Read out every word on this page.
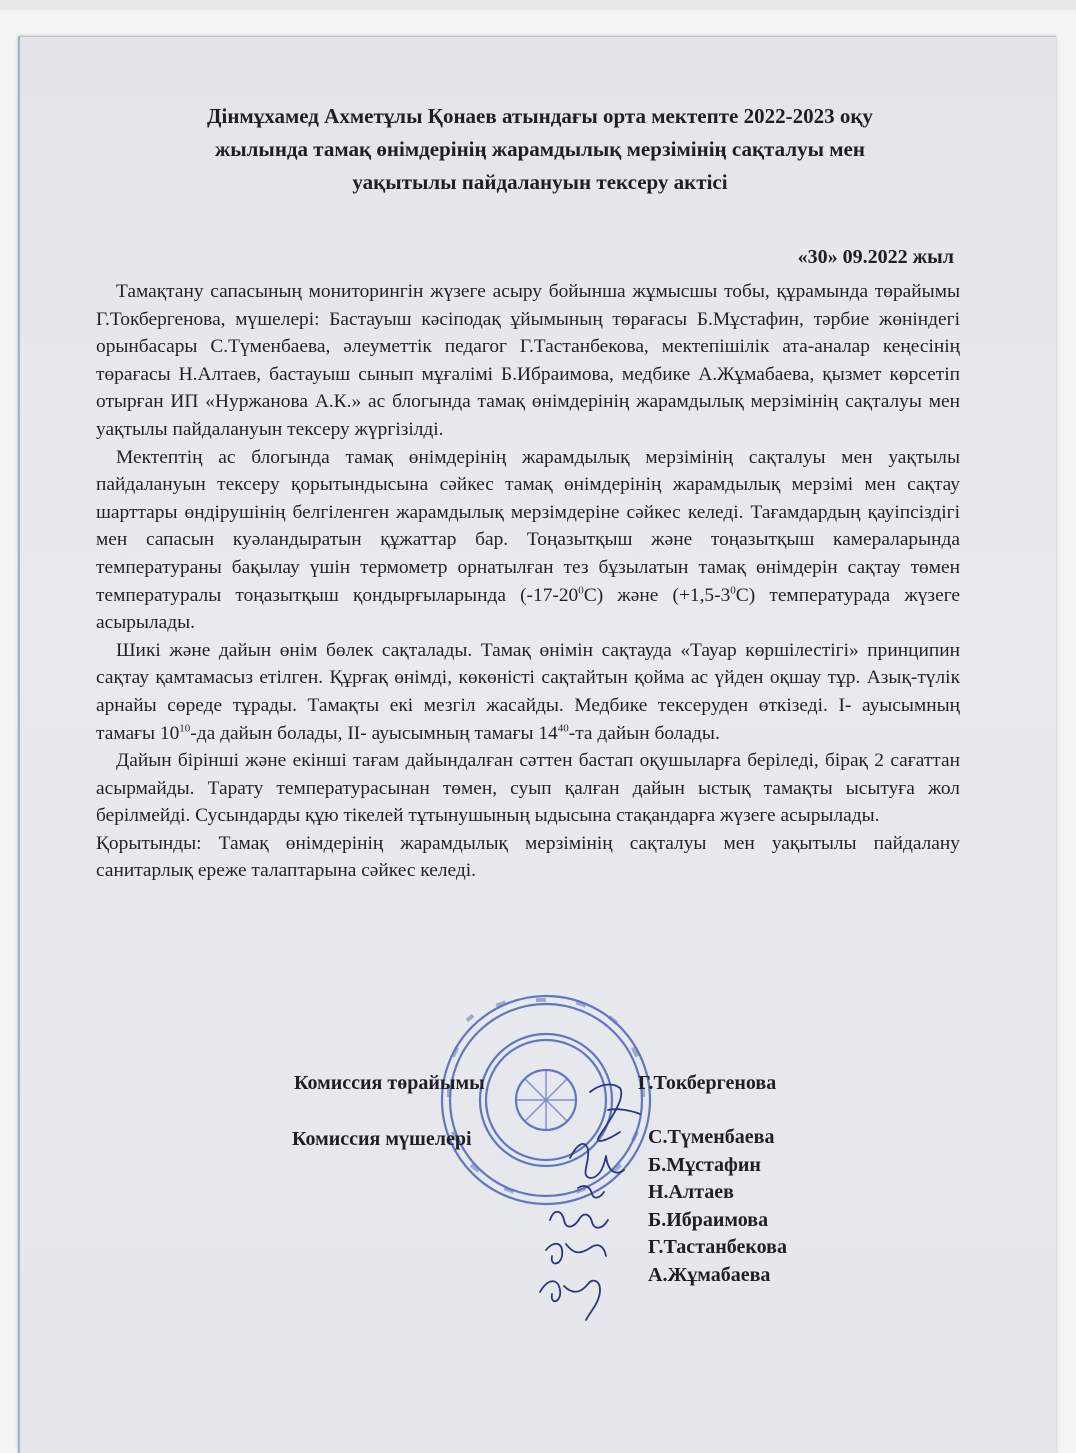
Дінмұхамед Ахметұлы Қонаев атындағы орта мектепте 2022-2023 оқу
жылында тамақ өнімдерінің жарамдылық мерзімінің сақталуы мен
уақытылы пайдалануын тексеру актісі
«30» 09.2022 жыл

Тамақтану сапасының мониторингін жүзеге асыру бойынша жұмысшы тобы, құрамында төрайымы Г.Токбергенова, мүшелері: Бастауыш кәсіподақ ұйымының төрағасы Б.Мұстафин, тәрбие жөніндегі орынбасары С.Түменбаева, әлеуметтік педагог Г.Тастанбекова, мектепішілік ата-аналар кеңесінің төрағасы Н.Алтаев, бастауыш сынып мұғалімі Б.Ибраимова, медбике А.Жұмабаева, қызмет көрсетіп отырған ИП «Нуржанова А.К.» ас блогында тамақ өнімдерінің жарамдылық мерзімінің сақталуы мен уақтылы пайдалануын тексеру жүргізілді.

Мектептің ас блогында тамақ өнімдерінің жарамдылық мерзімінің сақталуы мен уақтылы пайдалануын тексеру қорытындысына сәйкес тамақ өнімдерінің жарамдылық мерзімі мен сақтау шарттары өндірушінің белгіленген жарамдылық мерзімдеріне сәйкес келеді. Тағамдардың қауіпсіздігі мен сапасын куәландыратын құжаттар бар. Тоңазытқыш және тоңазытқыш камераларында температураны бақылау үшін термометр орнатылған тез бұзылатын тамақ өнімдерін сақтау төмен температуралы тоңазытқыш қондырғыларында $(-17-20^0С)$ және $(+1,5-3^0С)$ температурада жүзеге асырылады.

Шикі және дайын өнім бөлек сақталады. Тамақ өнімін сақтауда «Тауар көршілестігі» принципин сақтау қамтамасыз етілген. Құрғақ өнімді, көкөністі сақтайтын қойма ас үйден оқшау тұр. Азық-түлік арнайы сөреде тұрады. Тамақты екі мезгіл жасайды. Медбике тексеруден өткізеді. І- ауысымның тамағы $10^{10}-да$ дайын болады, ІІ- ауысымның тамағы $14^{40}-та$ дайын болады.

Дайын бірінші және екінші тағам дайындалған сәттен бастап оқушыларға беріледі, бірақ 2 сағаттан асырмайды. Тарату температурасынан төмен, суып қалған дайын ыстық тамақты ысытуға жол берілмейді. Сусындарды құю тікелей тұтынушының ыдысына стақандарға жүзеге асырылады.

Қорытынды: Тамақ өнімдерінің жарамдылық мерзімінің сақталуы мен уақытылы пайдалану санитарлық ереже талаптарына сәйкес келеді.

Комиссия төрайымы	Г.Токбергенова
Комиссия мүшелері	С.Түменбаева
Б.Мұстафин
Н.Алтаев
Б.Ибраимова
Г.Тастанбекова
А.Жұмабаева
